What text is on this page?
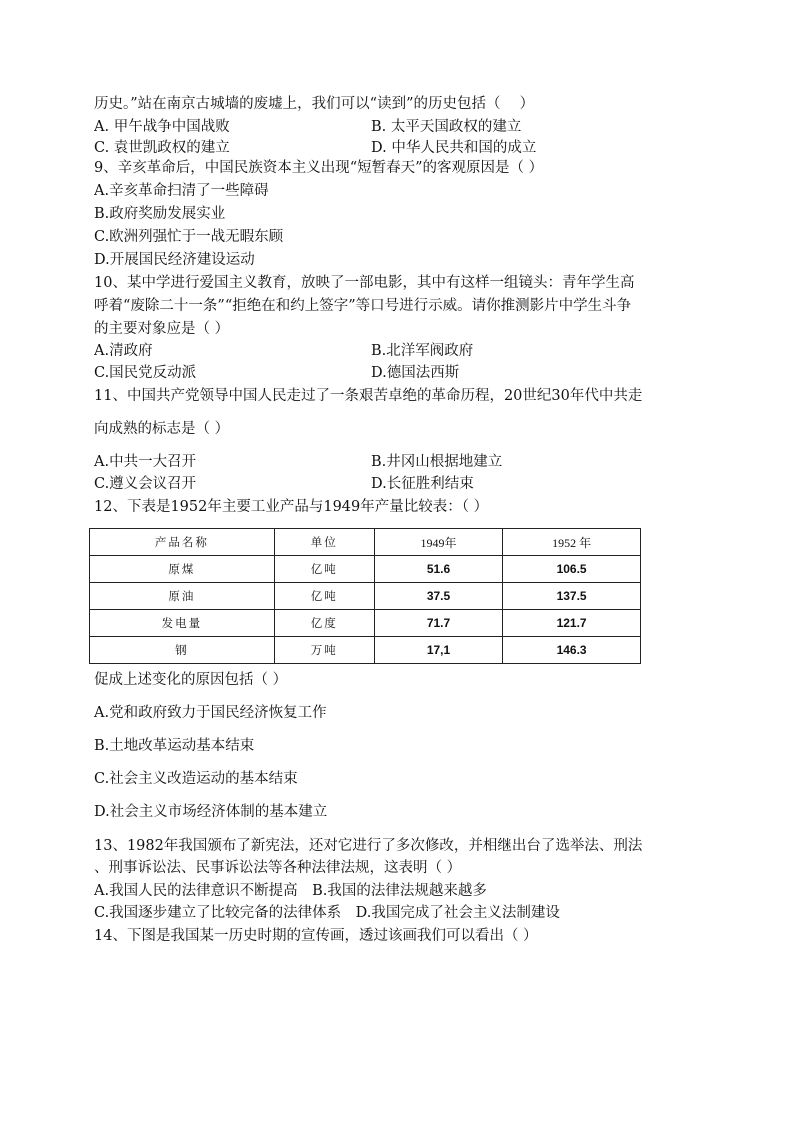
历史。”站在南京古城墙的废墟上，我们可以“读到”的历史包括（　 ）
A. 甲午战争中国战败	B. 太平天国政权的建立
C. 袁世凯政权的建立	D. 中华人民共和国的成立
9、辛亥革命后，中国民族资本主义出现“短暂春天”的客观原因是（ ）
A.辛亥革命扫清了一些障碍
B.政府奖励发展实业
C.欧洲列强忙于一战无暇东顾
D.开展国民经济建设运动
10、某中学进行爱国主义教育，放映了一部电影，其中有这样一组镜头：青年学生高
呼着“废除二十一条”“拒绝在和约上签字”等口号进行示威。请你推测影片中学生斗争
的主要对象应是（ ）
A.清政府	B.北洋军阀政府
C.国民党反动派	D.德国法西斯
11、中国共产党领导中国人民走过了一条艰苦卓绝的革命历程，20世纪30年代中共走
向成熟的标志是（ ）
A.中共一大召开	B.井冈山根据地建立
C.遵义会议召开	D.长征胜利结束
12、下表是1952年主要工业产品与1949年产量比较表：（ ）
产品名称	单位	1949年	1952 年
原煤	亿吨	51.6	106.5
原油	亿吨	37.5	137.5
发电量	亿度	71.7	121.7
钢	万吨	17,1	146.3
促成上述变化的原因包括（ ）
A.党和政府致力于国民经济恢复工作
B.土地改革运动基本结束
C.社会主义改造运动的基本结束
D.社会主义市场经济体制的基本建立
13、1982年我国颁布了新宪法，还对它进行了多次修改，并相继出台了选举法、刑法
、刑事诉讼法、民事诉讼法等各种法律法规，这表明（ ）
A.我国人民的法律意识不断提高　B.我国的法律法规越来越多
C.我国逐步建立了比较完备的法律体系　D.我国完成了社会主义法制建设
14、下图是我国某一历史时期的宣传画，透过该画我们可以看出（ ）
